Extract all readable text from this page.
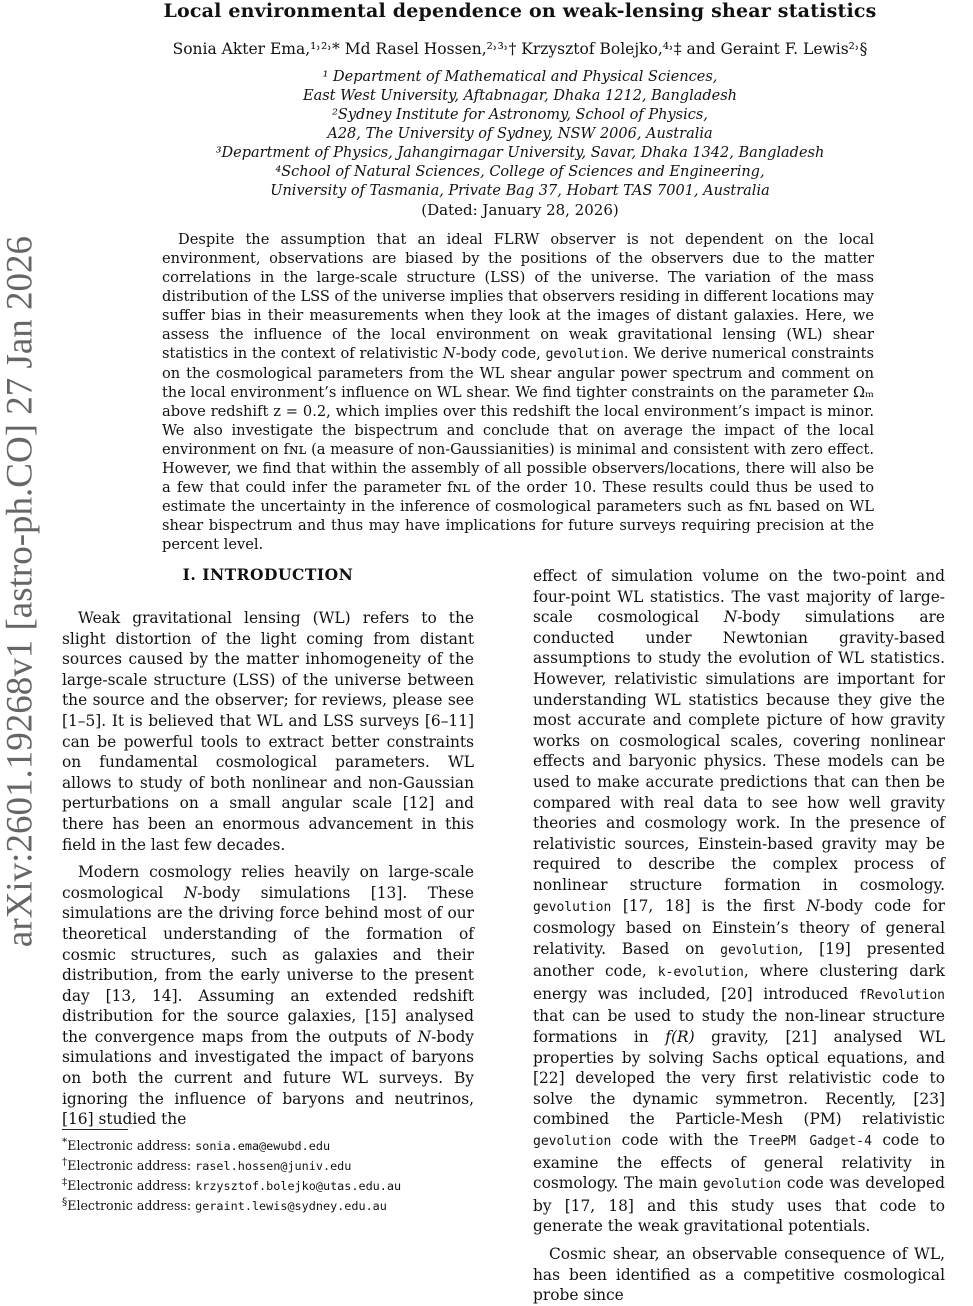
arXiv:2601.19268v1 [astro-ph.CO] 27 Jan 2026
Local environmental dependence on weak-lensing shear statistics
Sonia Akter Ema,¹˒²˒* Md Rasel Hossen,²˒³˒† Krzysztof Bolejko,⁴˒‡ and Geraint F. Lewis²˒§
¹ Department of Mathematical and Physical Sciences,
East West University, Aftabnagar, Dhaka 1212, Bangladesh
²Sydney Institute for Astronomy, School of Physics,
A28, The University of Sydney, NSW 2006, Australia
³Department of Physics, Jahangirnagar University, Savar, Dhaka 1342, Bangladesh
⁴School of Natural Sciences, College of Sciences and Engineering,
University of Tasmania, Private Bag 37, Hobart TAS 7001, Australia
(Dated: January 28, 2026)
Despite the assumption that an ideal FLRW observer is not dependent on the local environment, observations are biased by the positions of the observers due to the matter correlations in the large-scale structure (LSS) of the universe. The variation of the mass distribution of the LSS of the universe implies that observers residing in different locations may suffer bias in their measurements when they look at the images of distant galaxies. Here, we assess the influence of the local environment on weak gravitational lensing (WL) shear statistics in the context of relativistic N-body code, gevolution. We derive numerical constraints on the cosmological parameters from the WL shear angular power spectrum and comment on the local environment’s influence on WL shear. We find tighter constraints on the parameter Ωₘ above redshift z = 0.2, which implies over this redshift the local environment’s impact is minor. We also investigate the bispectrum and conclude that on average the impact of the local environment on fɴʟ (a measure of non-Gaussianities) is minimal and consistent with zero effect. However, we find that within the assembly of all possible observers/locations, there will also be a few that could infer the parameter fɴʟ of the order 10. These results could thus be used to estimate the uncertainty in the inference of cosmological parameters such as fɴʟ based on WL shear bispectrum and thus may have implications for future surveys requiring precision at the percent level.
I. INTRODUCTION

Weak gravitational lensing (WL) refers to the slight distortion of the light coming from distant sources caused by the matter inhomogeneity of the large-scale structure (LSS) of the universe between the source and the observer; for reviews, please see [1–5]. It is believed that WL and LSS surveys [6–11] can be powerful tools to extract better constraints on fundamental cosmological parameters. WL allows to study of both nonlinear and non-Gaussian perturbations on a small angular scale [12] and there has been an enormous advancement in this field in the last few decades.

Modern cosmology relies heavily on large-scale cosmological N-body simulations [13]. These simulations are the driving force behind most of our theoretical understanding of the formation of cosmic structures, such as galaxies and their distribution, from the early universe to the present day [13, 14]. Assuming an extended redshift distribution for the source galaxies, [15] analysed the convergence maps from the outputs of N-body simulations and investigated the impact of baryons on both the current and future WL surveys. By ignoring the influence of baryons and neutrinos, [16] studied the

effect of simulation volume on the two-point and four-point WL statistics. The vast majority of large-scale cosmological N-body simulations are conducted under Newtonian gravity-based assumptions to study the evolution of WL statistics. However, relativistic simulations are important for understanding WL statistics because they give the most accurate and complete picture of how gravity works on cosmological scales, covering nonlinear effects and baryonic physics. These models can be used to make accurate predictions that can then be compared with real data to see how well gravity theories and cosmology work. In the presence of relativistic sources, Einstein-based gravity may be required to describe the complex process of nonlinear structure formation in cosmology. gevolution [17, 18] is the first N-body code for cosmology based on Einstein’s theory of general relativity. Based on gevolution, [19] presented another code, k-evolution, where clustering dark energy was included, [20] introduced fRevolution that can be used to study the non-linear structure formations in f(R) gravity, [21] analysed WL properties by solving Sachs optical equations, and [22] developed the very first relativistic code to solve the dynamic symmetron. Recently, [23] combined the Particle-Mesh (PM) relativistic gevolution code with the TreePM Gadget-4 code to examine the effects of general relativity in cosmology. The main gevolution code was developed by [17, 18] and this study uses that code to generate the weak gravitational potentials.

Cosmic shear, an observable consequence of WL, has been identified as a competitive cosmological probe since

*Electronic address: sonia.ema@ewubd.edu
†Electronic address: rasel.hossen@juniv.edu
‡Electronic address: krzysztof.bolejko@utas.edu.au
§Electronic address: geraint.lewis@sydney.edu.au
